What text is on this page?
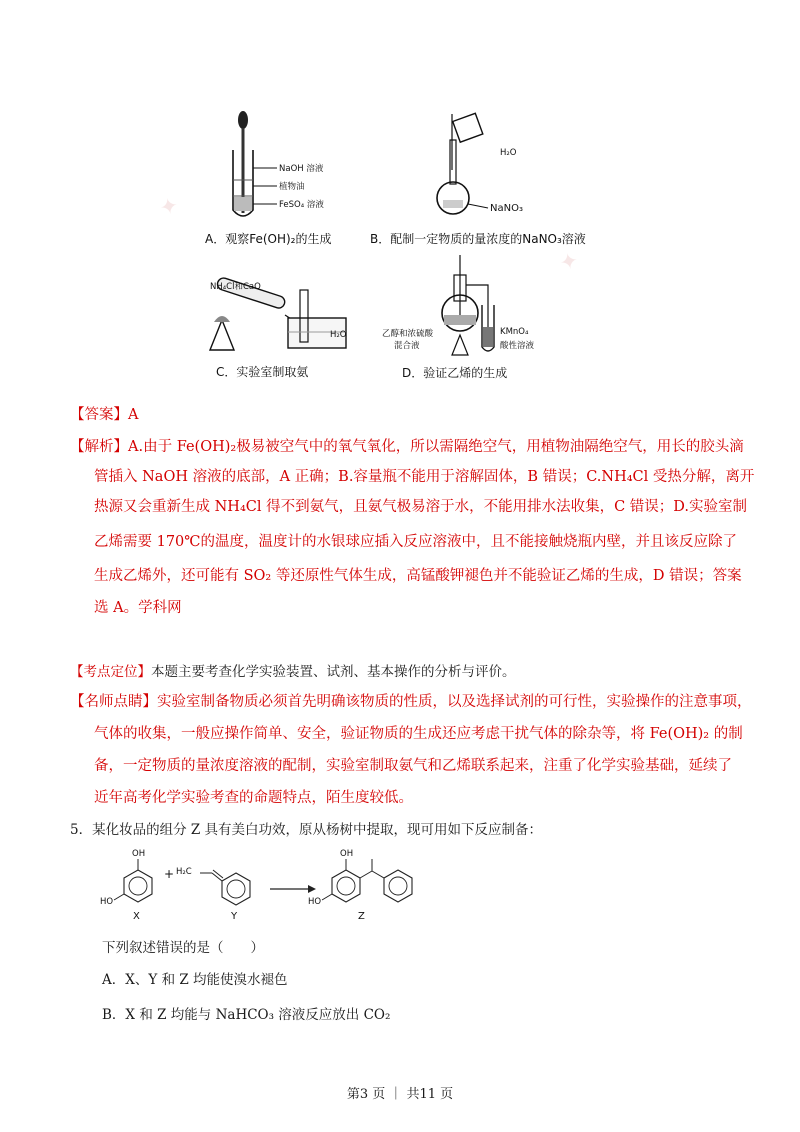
✦
✦
NaOH 溶液
植物油
FeSO₄ 溶液
A．观察Fe(OH)₂的生成
H₂O
NaNO₃
B．配制一定物质的量浓度的NaNO₃溶液
NH₄Cl和CaO
H₂O
C．实验室制取氨
乙醇和浓硫酸
混合液
KMnO₄
酸性溶液
D．验证乙烯的生成
【答案】A
【解析】A.由于 Fe(OH)₂极易被空气中的氧气氧化，所以需隔绝空气，用植物油隔绝空气，用长的胶头滴
管插入 NaOH 溶液的底部，A 正确；B.容量瓶不能用于溶解固体，B 错误；C.NH₄Cl 受热分解，离开
热源又会重新生成 NH₄Cl 得不到氨气，且氨气极易溶于水，不能用排水法收集，C 错误；D.实验室制
乙烯需要 170℃的温度，温度计的水银球应插入反应溶液中，且不能接触烧瓶内壁，并且该反应除了
生成乙烯外，还可能有 SO₂ 等还原性气体生成，高锰酸钾褪色并不能验证乙烯的生成，D 错误；答案
选 A。学科网
【考点定位】本题主要考查化学实验装置、试剂、基本操作的分析与评价。
【名师点睛】实验室制备物质必须首先明确该物质的性质，以及选择试剂的可行性，实验操作的注意事项，
气体的收集，一般应操作简单、安全，验证物质的生成还应考虑干扰气体的除杂等，将 Fe(OH)₂ 的制
备，一定物质的量浓度溶液的配制，实验室制取氨气和乙烯联系起来，注重了化学实验基础，延续了
近年高考化学实验考查的命题特点，陌生度较低。
5．某化妆品的组分 Z 具有美白功效，原从杨树中提取，现可用如下反应制备：
OH
HO
+ H₂C
OH
HO
X	Y	Z
下列叙述错误的是（　　）
A．X、Y 和 Z 均能使溴水褪色
B．X 和 Z 均能与 NaHCO₃ 溶液反应放出 CO₂
第3 页 ｜ 共11 页
